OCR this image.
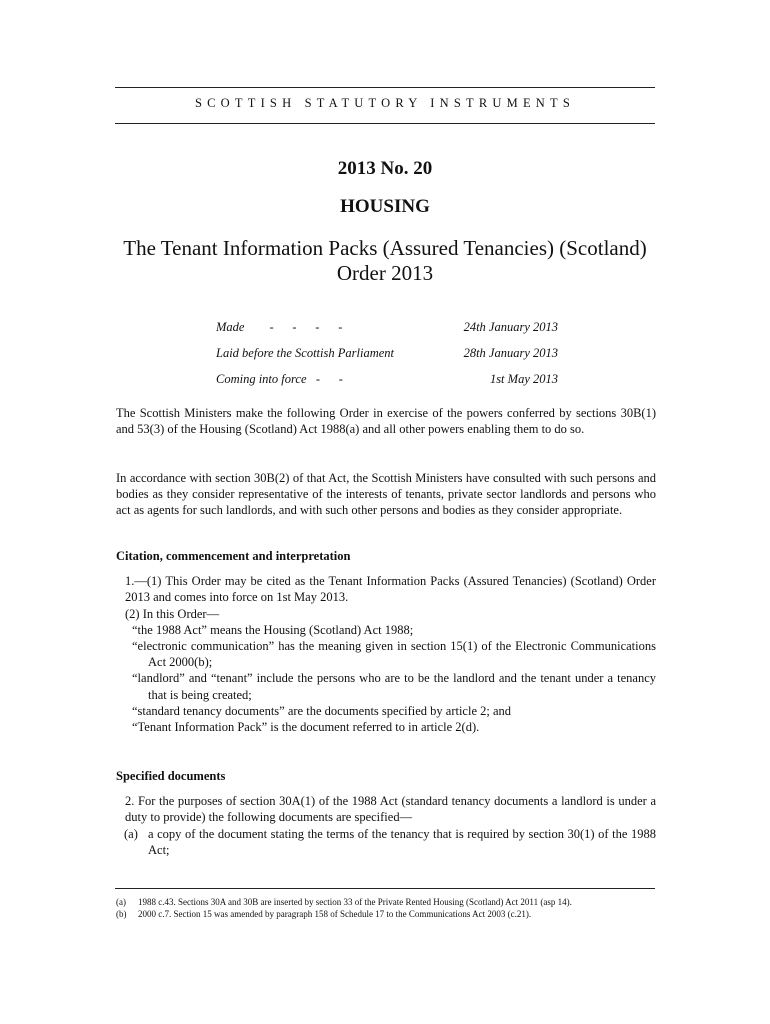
SCOTTISH STATUTORY INSTRUMENTS
2013 No. 20
HOUSING
The Tenant Information Packs (Assured Tenancies) (Scotland)
Order 2013
Made        -      -      -      -	24th January 2013
Laid before the Scottish Parliament	28th January 2013
Coming into force   -      -	1st May 2013

The Scottish Ministers make the following Order in exercise of the powers conferred by sections 30B(1) and 53(3) of the Housing (Scotland) Act 1988(a) and all other powers enabling them to do so.

In accordance with section 30B(2) of that Act, the Scottish Ministers have consulted with such persons and bodies as they consider representative of the interests of tenants, private sector landlords and persons who act as agents for such landlords, and with such other persons and bodies as they consider appropriate.

Citation, commencement and interpretation

1.—(1) This Order may be cited as the Tenant Information Packs (Assured Tenancies) (Scotland) Order 2013 and comes into force on 1st May 2013.

(2) In this Order—

“the 1988 Act” means the Housing (Scotland) Act 1988;

“electronic communication” has the meaning given in section 15(1) of the Electronic Communications Act 2000(b);

“landlord” and “tenant” include the persons who are to be the landlord and the tenant under a tenancy that is being created;

“standard tenancy documents” are the documents specified by article 2; and

“Tenant Information Pack” is the document referred to in article 2(d).

Specified documents

2. For the purposes of section 30A(1) of the 1988 Act (standard tenancy documents a landlord is under a duty to provide) the following documents are specified—

(a) a copy of the document stating the terms of the tenancy that is required by section 30(1) of the 1988 Act;
(a)	1988 c.43. Sections 30A and 30B are inserted by section 33 of the Private Rented Housing (Scotland) Act 2011 (asp 14).
(b)	2000 c.7. Section 15 was amended by paragraph 158 of Schedule 17 to the Communications Act 2003 (c.21).
